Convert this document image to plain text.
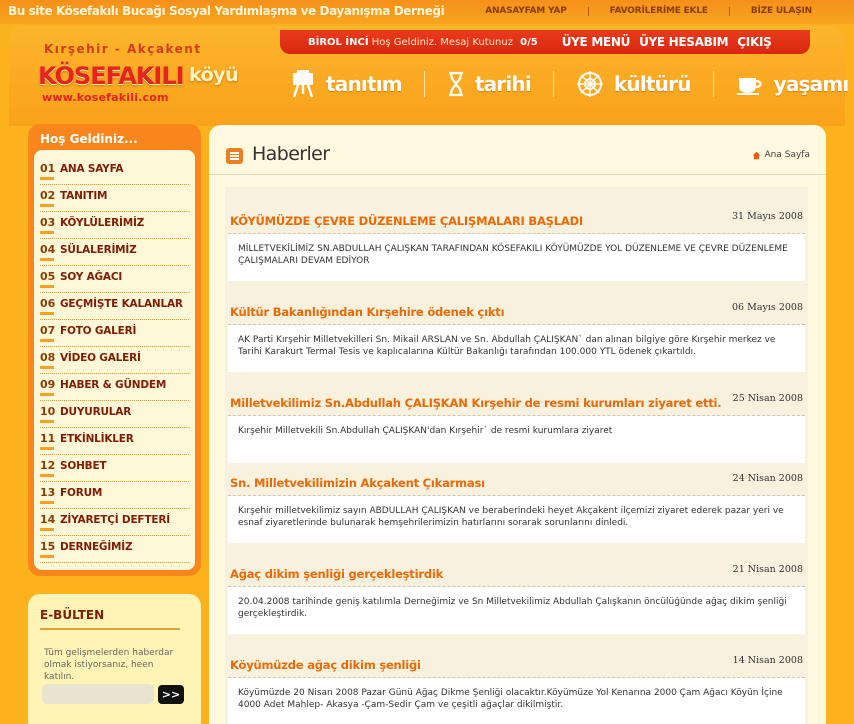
Bu site Kösefakılı Bucağı Sosyal Yardımlaşma ve Dayanışma Derneği	ANASAYFAM YAP	FAVORİLERİME EKLE	BİZE ULAŞIN
Kırşehir - Akçakent
KÖSEFAKILI köyü
www.kosefakili.com
BİROL İNCİ Hoş Geldiniz. Mesaj Kutunuz 0/5 ÜYE MENÜ ÜYE HESABIM ÇIKIŞ
tanıtım	tarihi	kültürü	yaşamı
Hoş Geldiniz...
01 ANA SAYFA
02 TANITIM
03 KÖYLÜLERİMİZ
04 SÜLALERİMİZ
05 SOY AĞACI
06 GEÇMİŞTE KALANLAR
07 FOTO GALERİ
08 VİDEO GALERİ
09 HABER & GÜNDEM
10 DUYURULAR
11 ETKİNLİKLER
12 SOHBET
13 FORUM
14 ZİYARETÇİ DEFTERİ
15 DERNEĞİMİZ
E-BÜLTEN
Tüm gelişmelerden haberdar olmak istiyorsanız, heen katılın.
>>
Haberler	Ana Sayfa
KÖYÜMÜZDE ÇEVRE DÜZENLEME ÇALIŞMALARI BAŞLADI	31 Mayıs 2008
MİLLETVEKİLİMİZ SN.ABDULLAH ÇALIŞKAN TARAFINDAN KÖSEFAKILI KÖYÜMÜZDE YOL DÜZENLEME VE ÇEVRE DÜZENLEME ÇALIŞMALARI DEVAM EDİYOR
Kültür Bakanlığından Kırşehire ödenek çıktı	06 Mayıs 2008
AK Parti Kırşehir Milletvekilleri Sn. Mikail ARSLAN ve Sn. Abdullah ÇALIŞKAN` dan alınan bilgiye göre Kırşehir merkez ve Tarihi Karakurt Termal Tesis ve kaplıcalarına Kültür Bakanlığı tarafından 100.000 YTL ödenek çıkartıldı.
Milletvekilimiz Sn.Abdullah ÇALIŞKAN Kırşehir de resmi kurumları ziyaret etti. 25 Nisan 2008
Kırşehir Milletvekili Sn.Abdullah ÇALIŞKAN'dan Kırşehir` de resmi kurumlara ziyaret
Sn. Milletvekilimizin Akçakent Çıkarması	24 Nisan 2008
Kırşehir milletvekilimiz sayın ABDULLAH ÇALIŞKAN ve beraberindeki heyet Akçakent ilçemizi ziyaret ederek pazar yeri ve esnaf ziyaretlerinde bulunarak hemşehrilerimizin hatırlarını sorarak sorunlarını dinledi.
Ağaç dikim şenliği gerçekleştirdik	21 Nisan 2008
20.04.2008 tarihinde geniş katılımla Derneğimiz ve Sn Milletvekilimiz Abdullah Çalışkanın öncülüğünde ağaç dikim şenliği gerçekleştirdik.
Köyümüzde ağaç dikim şenliği	14 Nisan 2008
Köyümüzde 20 Nisan 2008 Pazar Günü Ağaç Dikme Şenliği olacaktır.Köyümüze Yol Kenarına 2000 Çam Ağacı Köyün İçine 4000 Adet Mahlep- Akasya -Çam-Sedir Çam ve çeşitli ağaçlar dikilmiştir.
